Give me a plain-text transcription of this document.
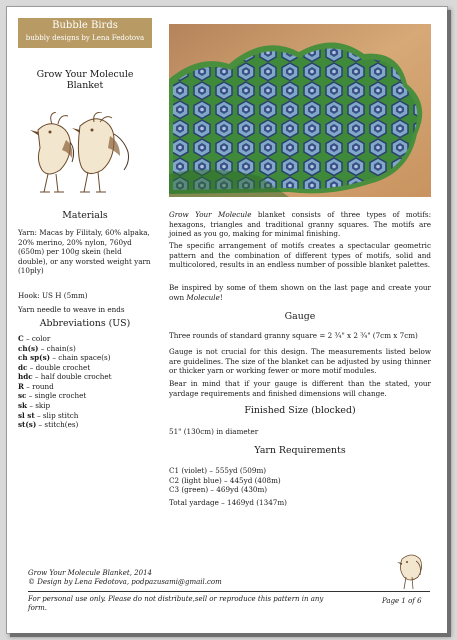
Bubble Birds
bubbly designs by Lena Fedotova
Grow Your Molecule Blanket
Materials
Yarn: Macas by Filitaly, 60% alpaka, 20% merino, 20% nylon, 760yd (650m) per 100g skein (held double), or any worsted weight yarn (10ply)
Hook: US H (5mm)
Yarn needle to weave in ends
Abbreviations (US)
C – color
ch(s) – chain(s)
ch sp(s) – chain space(s)
dc – double crochet
hdc – half double crochet
R – round
sc – single crochet
sk – skip
sl st – slip stitch
st(s) – stitch(es)
Grow Your Molecule blanket consists of three types of motifs: hexagons, triangles and traditional granny squares. The motifs are joined as you go, making for minimal finishing.
The specific arrangement of motifs creates a spectacular geometric pattern and the combination of different types of motifs, solid and multicolored, results in an endless number of possible blanket palettes.
Be inspired by some of them shown on the last page and create your own Molecule!
Gauge
Three rounds of standard granny square = 2 ¾" x 2 ¾" (7cm x 7cm)
Gauge is not crucial for this design. The measurements listed below are guidelines. The size of the blanket can be adjusted by using thinner or thicker yarn or working fewer or more motif modules.
Bear in mind that if your gauge is different than the stated, your yardage requirements and finished dimensions will change.
Finished Size (blocked)
51" (130cm) in diameter
Yarn Requirements
C1 (violet) – 555yd (509m)
C2 (light blue) – 445yd (408m)
C3 (green) – 469yd (430m)
Total yardage – 1469yd (1347m)
Grow Your Molecule Blanket, 2014
© Design by Lena Fedotova, podpazusami@gmail.com
For personal use only. Please do not distribute,sell or reproduce this pattern in any form.
Page 1 of 6
